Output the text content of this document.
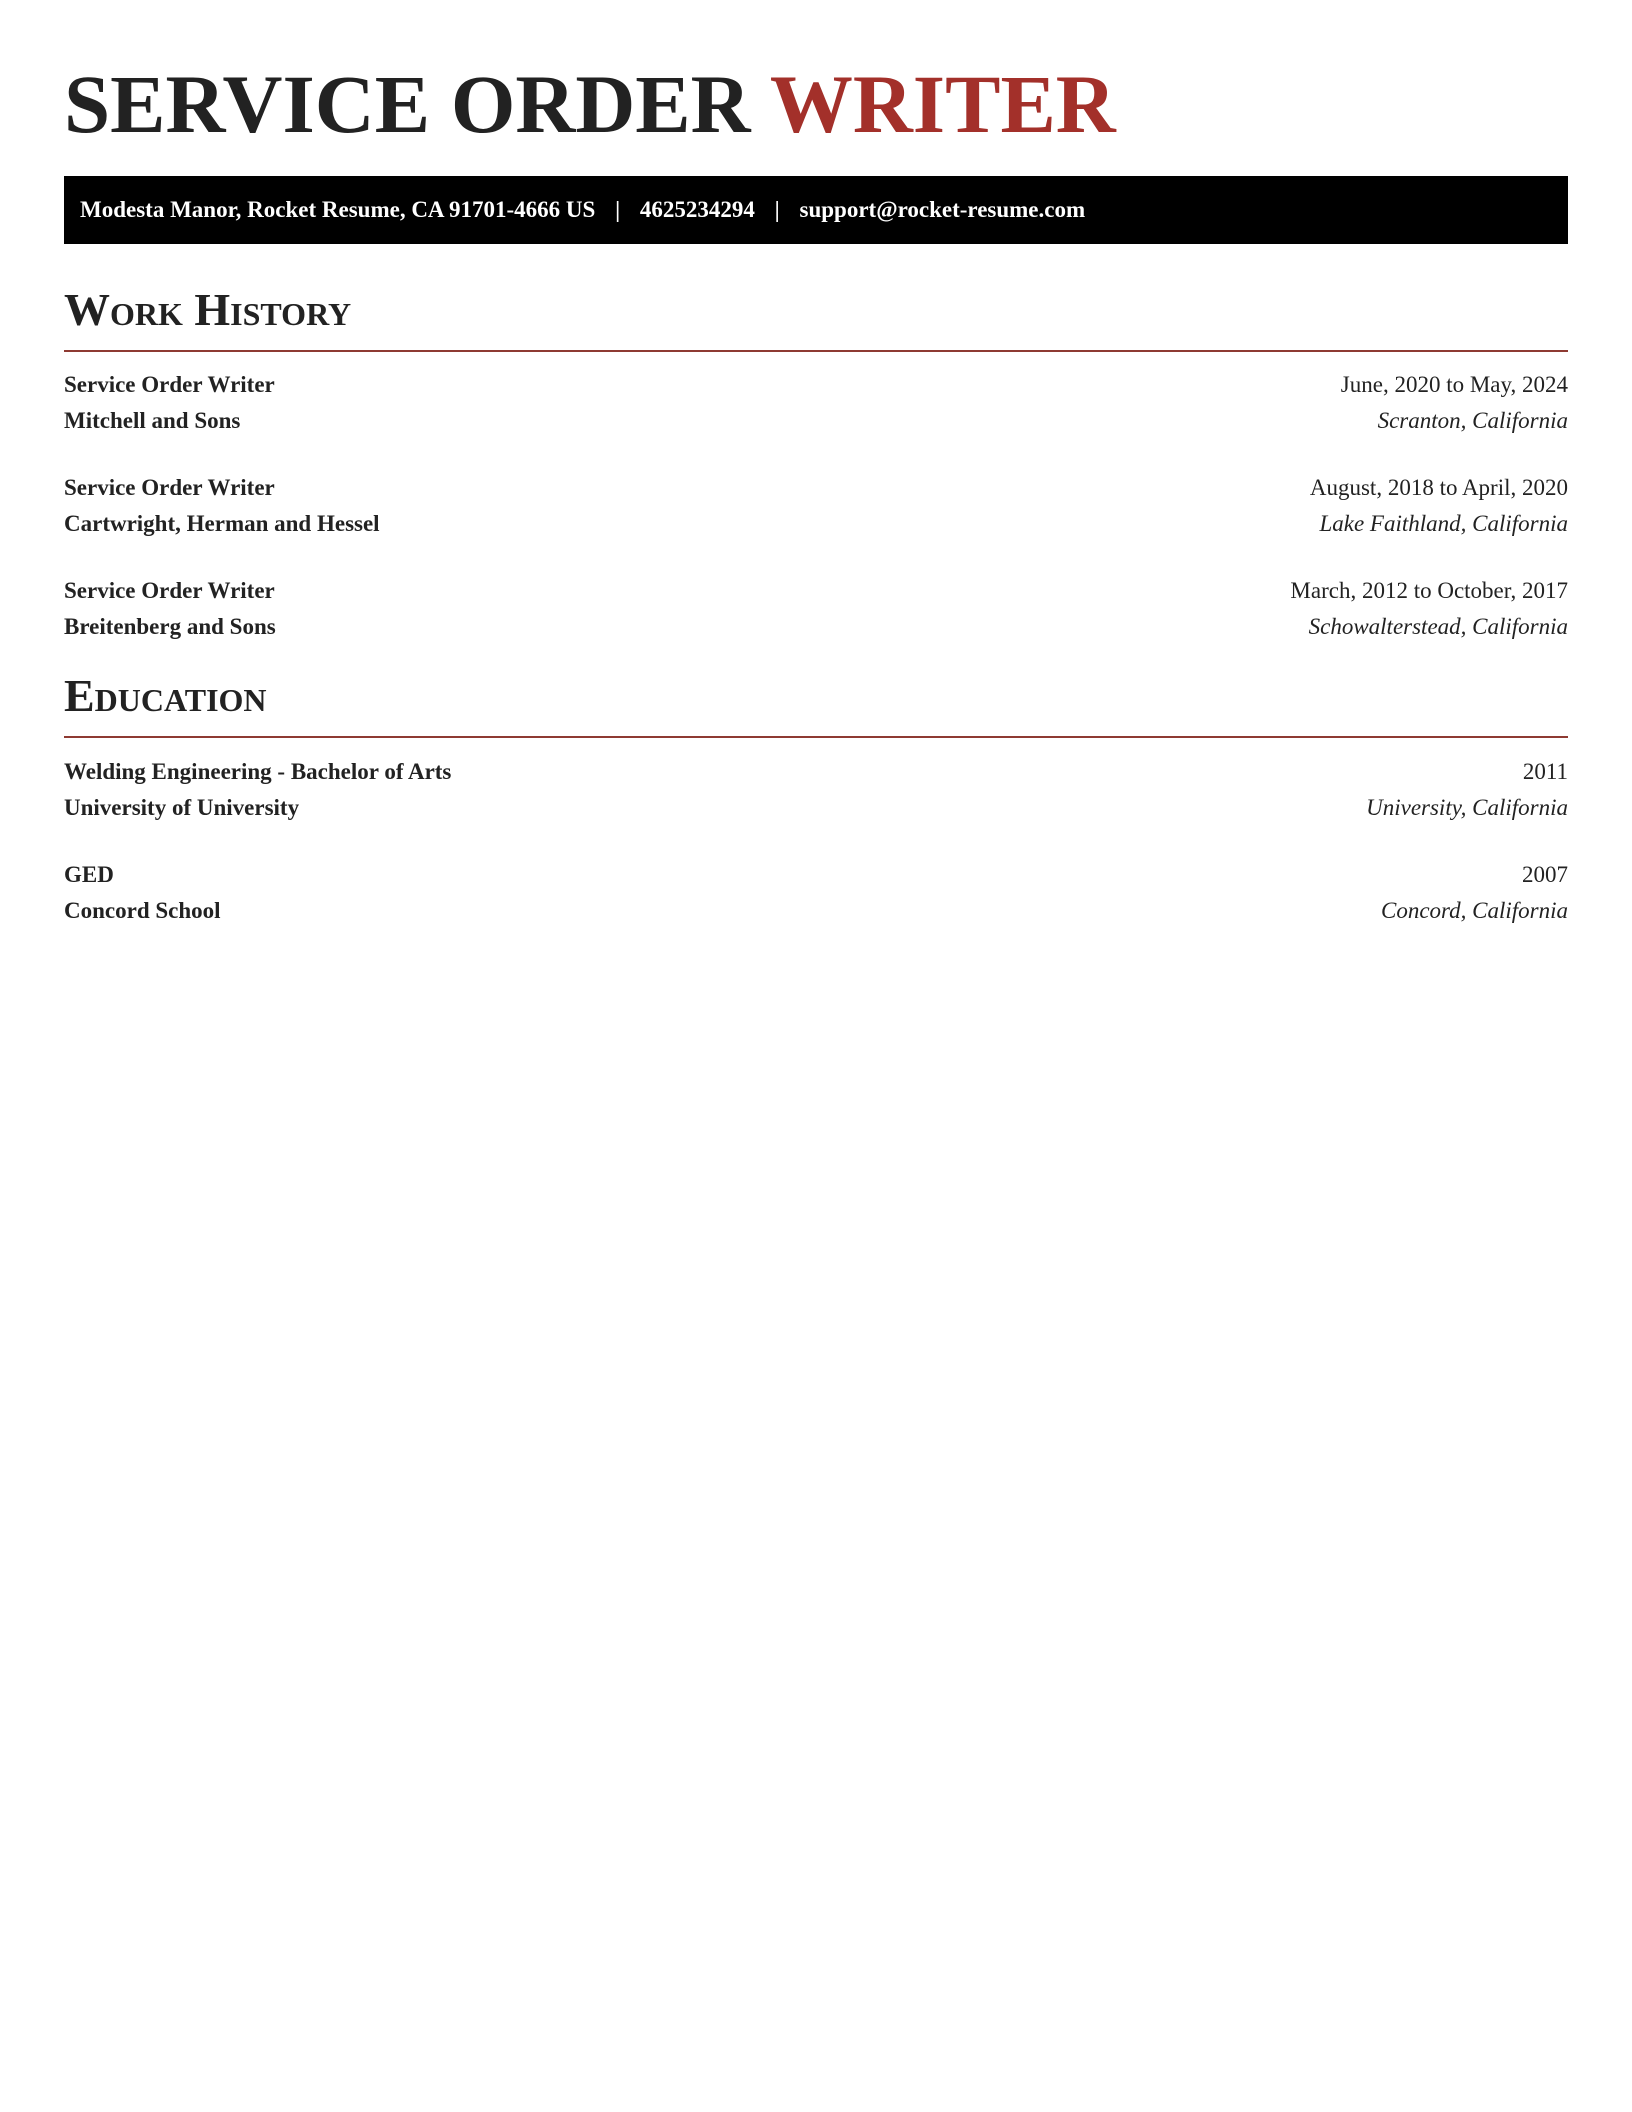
SERVICE ORDER WRITER
Modesta Manor, Rocket Resume, CA 91701-4666 US | 4625234294 | support@rocket-resume.com
Work History
Service Order Writer	June, 2020 to May, 2024
Mitchell and Sons	Scranton, California
Service Order Writer	August, 2018 to April, 2020
Cartwright, Herman and Hessel	Lake Faithland, California
Service Order Writer	March, 2012 to October, 2017
Breitenberg and Sons	Schowalterstead, California
Education
Welding Engineering - Bachelor of Arts	2011
University of University	University, California
GED	2007
Concord School	Concord, California
